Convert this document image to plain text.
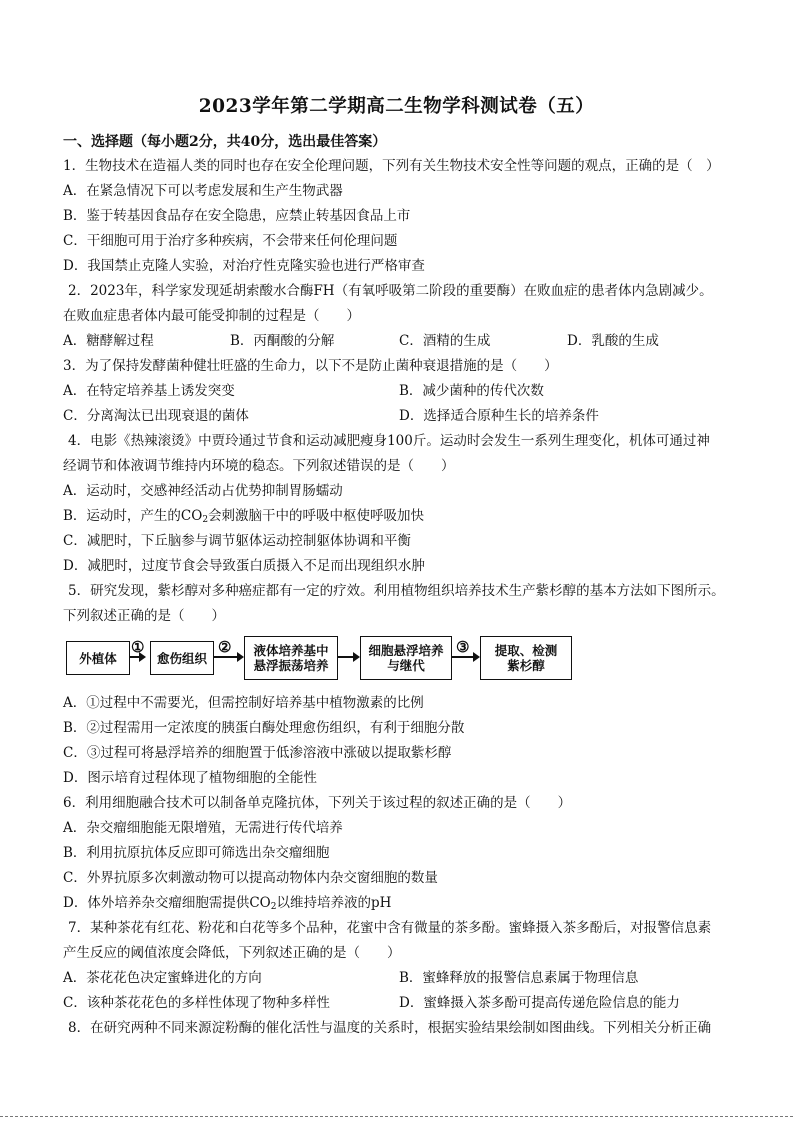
2023学年第二学期高二生物学科测试卷（五）
一、选择题（每小题2分，共40分，选出最佳答案）
1．生物技术在造福人类的同时也存在安全伦理问题，下列有关生物技术安全性等问题的观点，正确的是（　）
A．在紧急情况下可以考虑发展和生产生物武器
B．鉴于转基因食品存在安全隐患，应禁止转基因食品上市
C．干细胞可用于治疗多种疾病，不会带来任何伦理问题
D．我国禁止克隆人实验，对治疗性克隆实验也进行严格审查
2．2023年，科学家发现延胡索酸水合酶FH（有氧呼吸第二阶段的重要酶）在败血症的患者体内急剧减少。
在败血症患者体内最可能受抑制的过程是（　　）
A．糖酵解过程	B．丙酮酸的分解	C．酒精的生成	D．乳酸的生成
3．为了保持发酵菌种健壮旺盛的生命力，以下不是防止菌种衰退措施的是（　　）
A．在特定培养基上诱发突变	B．减少菌种的传代次数
C．分离淘汰已出现衰退的菌体	D．选择适合原种生长的培养条件
4．电影《热辣滚烫》中贾玲通过节食和运动减肥瘦身100斤。运动时会发生一系列生理变化，机体可通过神
经调节和体液调节维持内环境的稳态。下列叙述错误的是（　　）
A．运动时，交感神经活动占优势抑制胃肠蠕动
B．运动时，产生的$CO_2$会刺激脑干中的呼吸中枢使呼吸加快
C．减肥时，下丘脑参与调节躯体运动控制躯体协调和平衡
D．减肥时，过度节食会导致蛋白质摄入不足而出现组织水肿
5．研究发现，紫杉醇对多种癌症都有一定的疗效。利用植物组织培养技术生产紫杉醇的基本方法如下图所示。
下列叙述正确的是（　　）
外植体
①
愈伤组织
② 液体培养基中
悬浮振荡培养
细胞悬浮培养
与继代
③ 提取、检测
紫杉醇
A．①过程中不需要光，但需控制好培养基中植物激素的比例
B．②过程需用一定浓度的胰蛋白酶处理愈伤组织，有利于细胞分散
C．③过程可将悬浮培养的细胞置于低渗溶液中涨破以提取紫杉醇
D．图示培育过程体现了植物细胞的全能性
6．利用细胞融合技术可以制备单克隆抗体，下列关于该过程的叙述正确的是（　　）
A．杂交瘤细胞能无限增殖，无需进行传代培养
B．利用抗原抗体反应即可筛选出杂交瘤细胞
C．外界抗原多次刺激动物可以提高动物体内杂交窗细胞的数量
D．体外培养杂交瘤细胞需提供$CO_2$以维持培养液的pH
7．某种茶花有红花、粉花和白花等多个品种，花蜜中含有微量的茶多酚。蜜蜂摄入茶多酚后，对报警信息素
产生反应的阈值浓度会降低，下列叙述正确的是（　　）
A．茶花花色决定蜜蜂进化的方向	B．蜜蜂释放的报警信息素属于物理信息
C．该种茶花花色的多样性体现了物种多样性	D．蜜蜂摄入茶多酚可提高传递危险信息的能力
8．在研究两种不同来源淀粉酶的催化活性与温度的关系时，根据实验结果绘制如图曲线。下列相关分析正确
